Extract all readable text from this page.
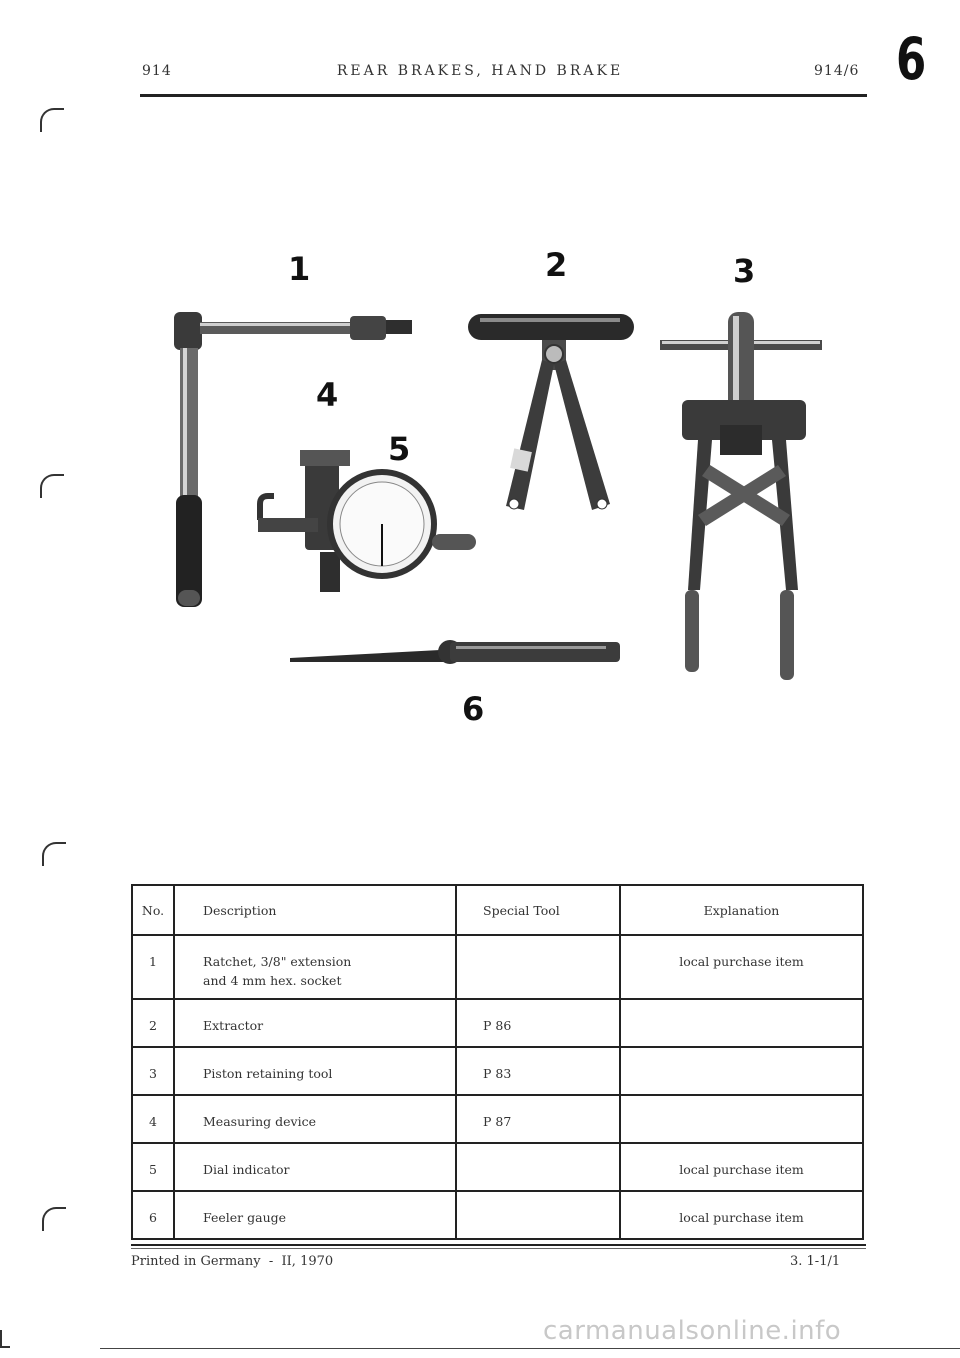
914	REAR BRAKES, HAND BRAKE	914/6 6
1	2	3
4
5
6
No.	Description	Special Tool	Explanation

1	Ratchet, 3/8" extension
and 4 mm hex. socket		local purchase item

2	Extractor	P 86	

3	Piston retaining tool	P 83	

4	Measuring device	P 87	

5	Dial indicator		local purchase item

6	Feeler gauge		local purchase item
Printed in Germany  -  II, 1970	3. 1-1/1
carmanualsonline.info
